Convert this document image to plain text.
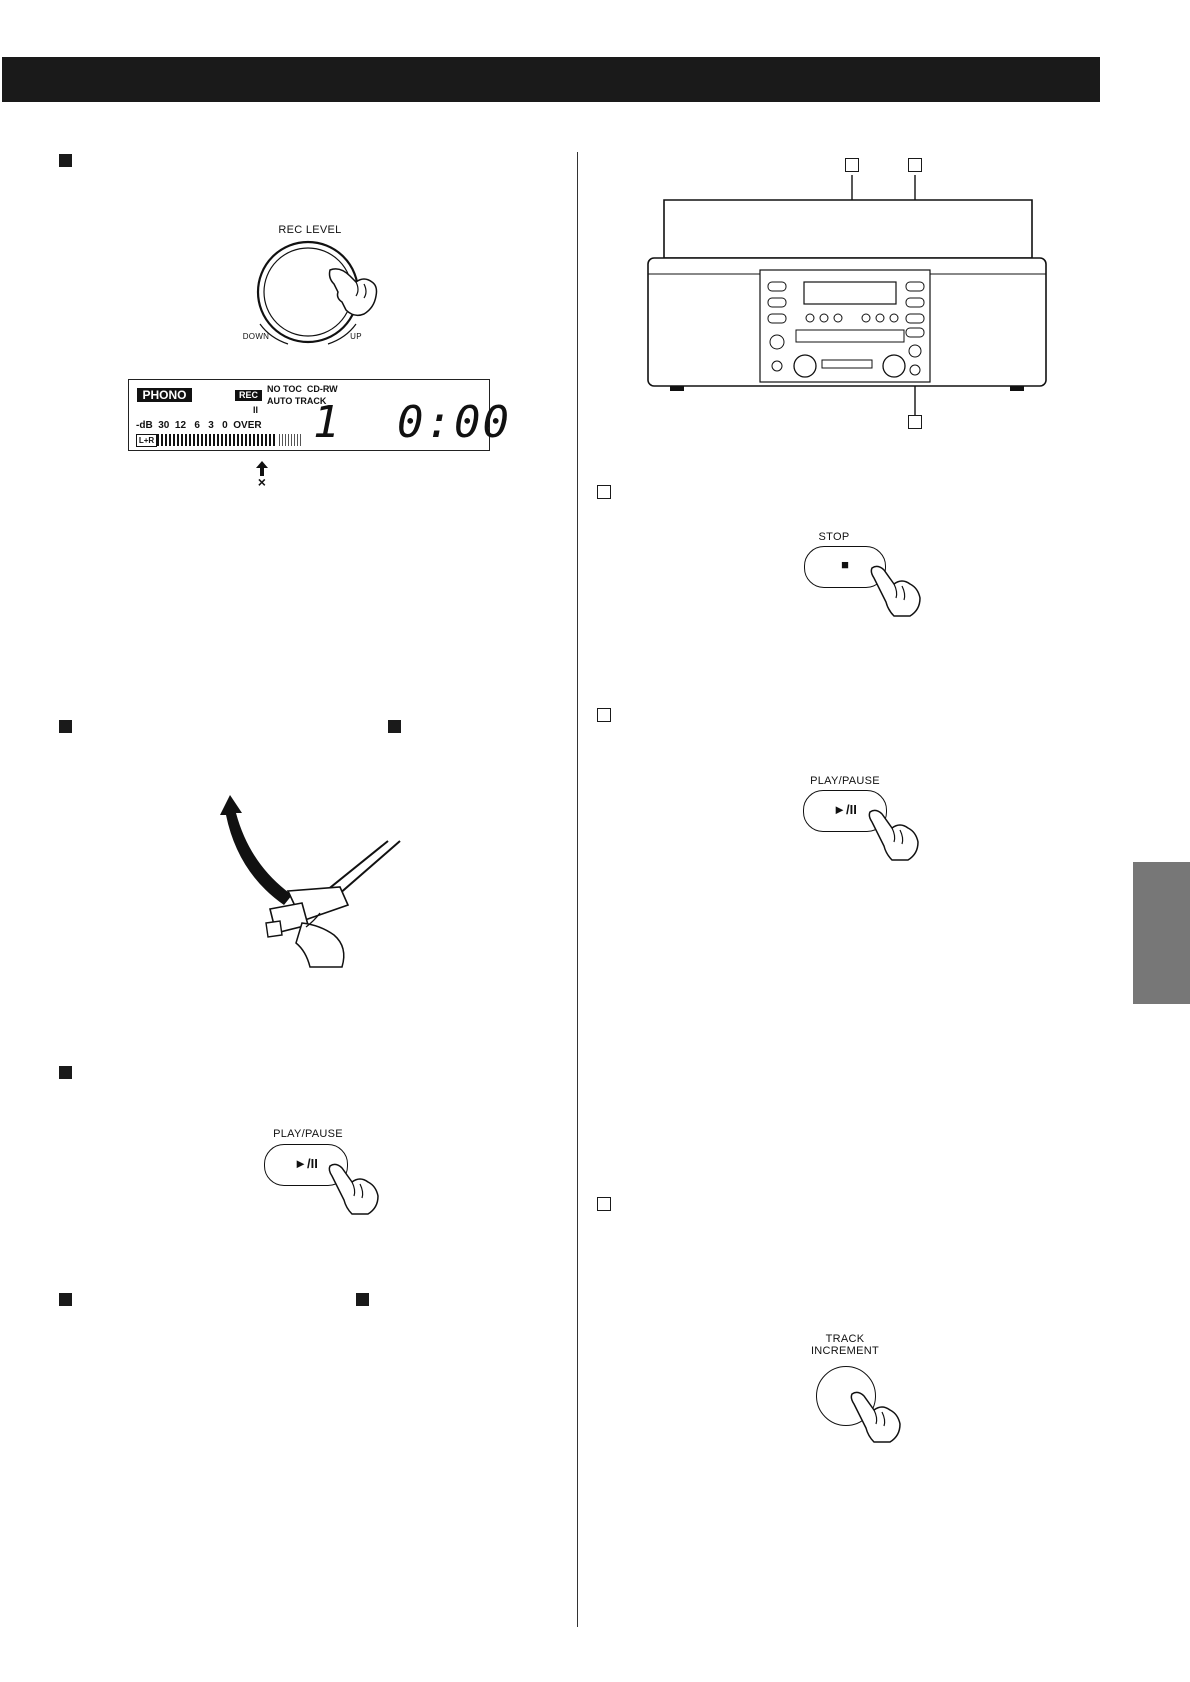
REC LEVEL
DOWN	UP
PHONO	REC
NO TOC  CD-RW
AUTO TRACK
II
-dB  30  12   6   3   0  OVER
L+R	1 0:00
×
PLAY/PAUSE
►/II
STOP
■
PLAY/PAUSE
►/II
TRACK
INCREMENT
